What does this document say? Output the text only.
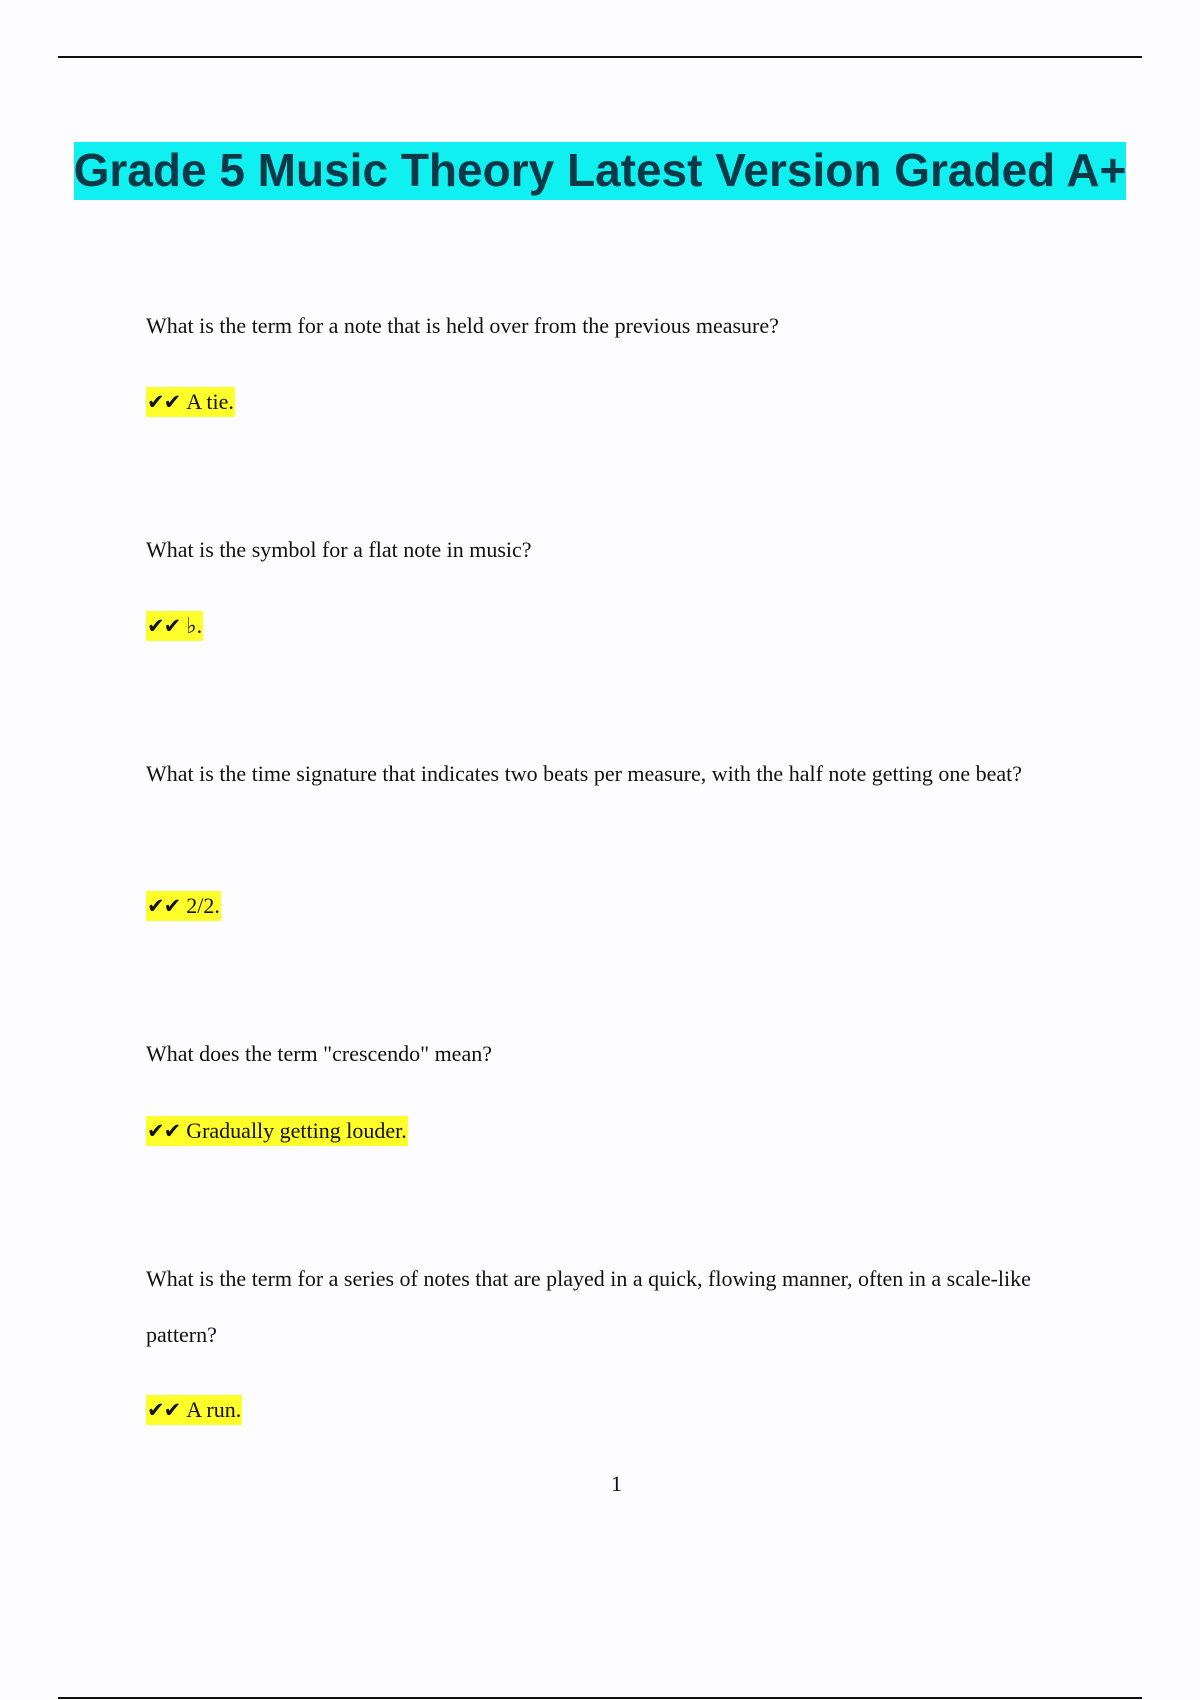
Grade 5 Music Theory Latest Version Graded A+

What is the term for a note that is held over from the previous measure?

✔✔ A tie.

What is the symbol for a flat note in music?

✔✔ ♭.

What is the time signature that indicates two beats per measure, with the half note getting one beat?

✔✔ 2/2.

What does the term "crescendo" mean?

✔✔ Gradually getting louder.

What is the term for a series of notes that are played in a quick, flowing manner, often in a scale-like pattern?

✔✔ A run.
1
